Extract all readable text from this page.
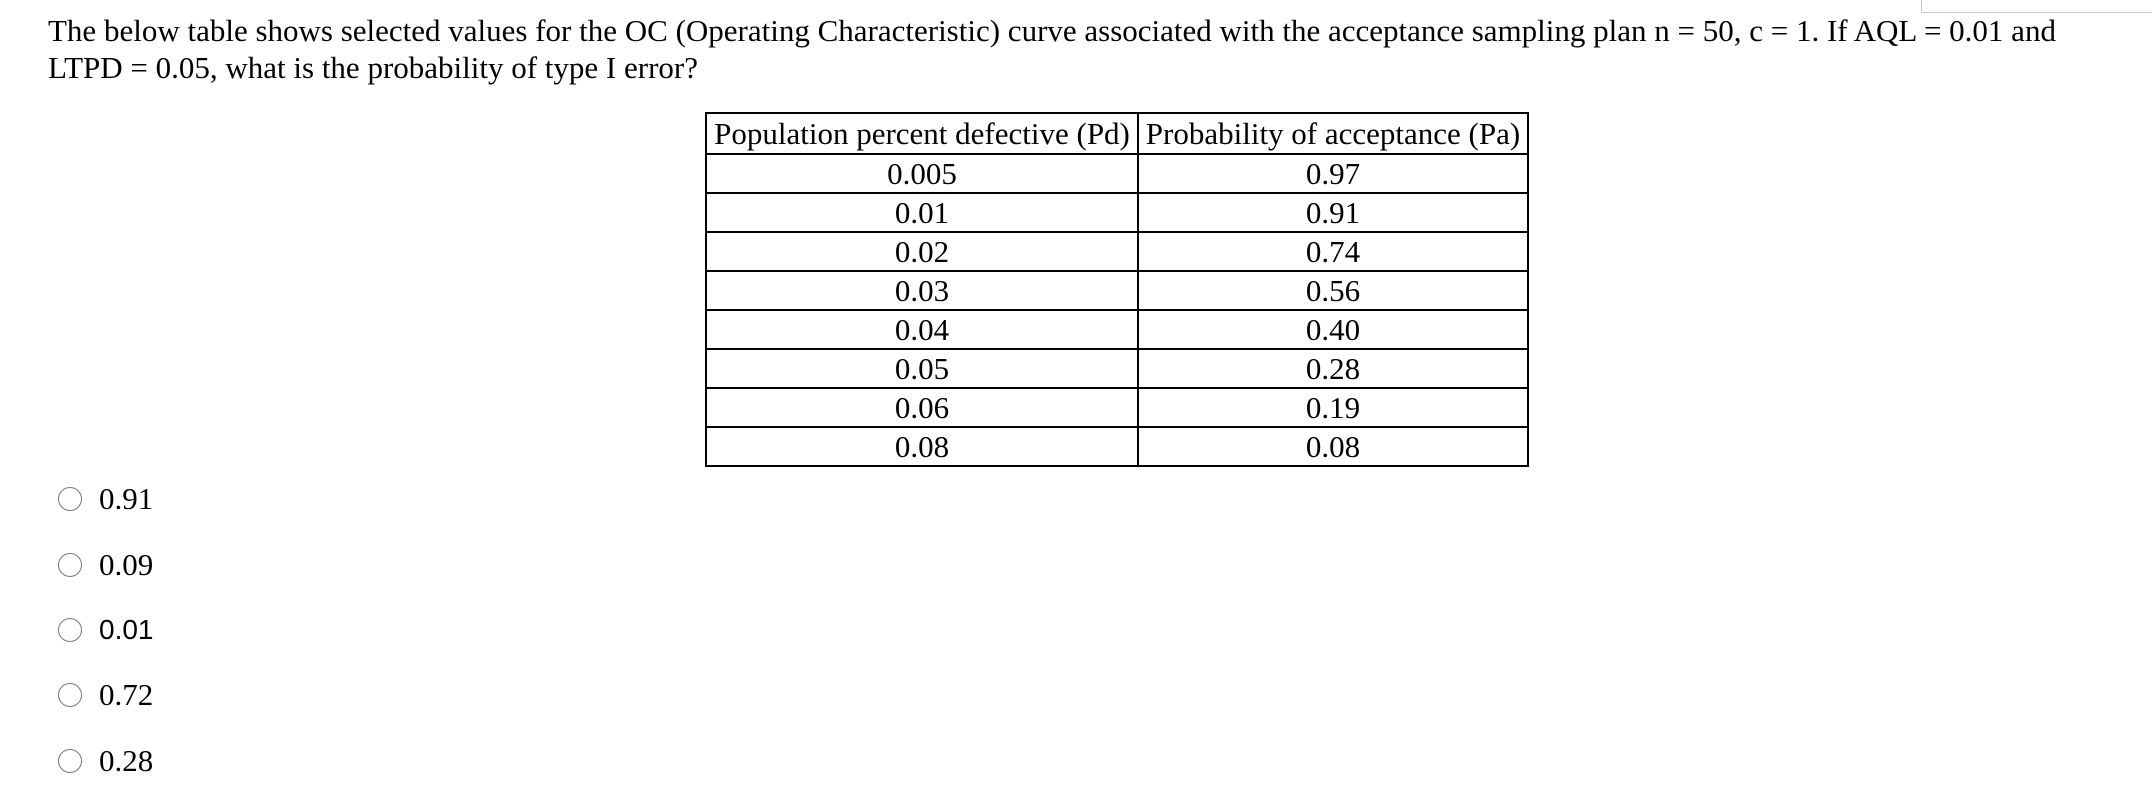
The below table shows selected values for the OC (Operating Characteristic) curve associated with the acceptance sampling plan n = 50, c = 1. If AQL = 0.01 and LTPD = 0.05, what is the probability of type I error?
Population percent defective (Pd)	Probability of acceptance (Pa)
0.005	0.97
0.01	0.91
0.02	0.74
0.03	0.56
0.04	0.40
0.05	0.28
0.06	0.19
0.08	0.08
0.91
0.09
0.01
0.72
0.28
